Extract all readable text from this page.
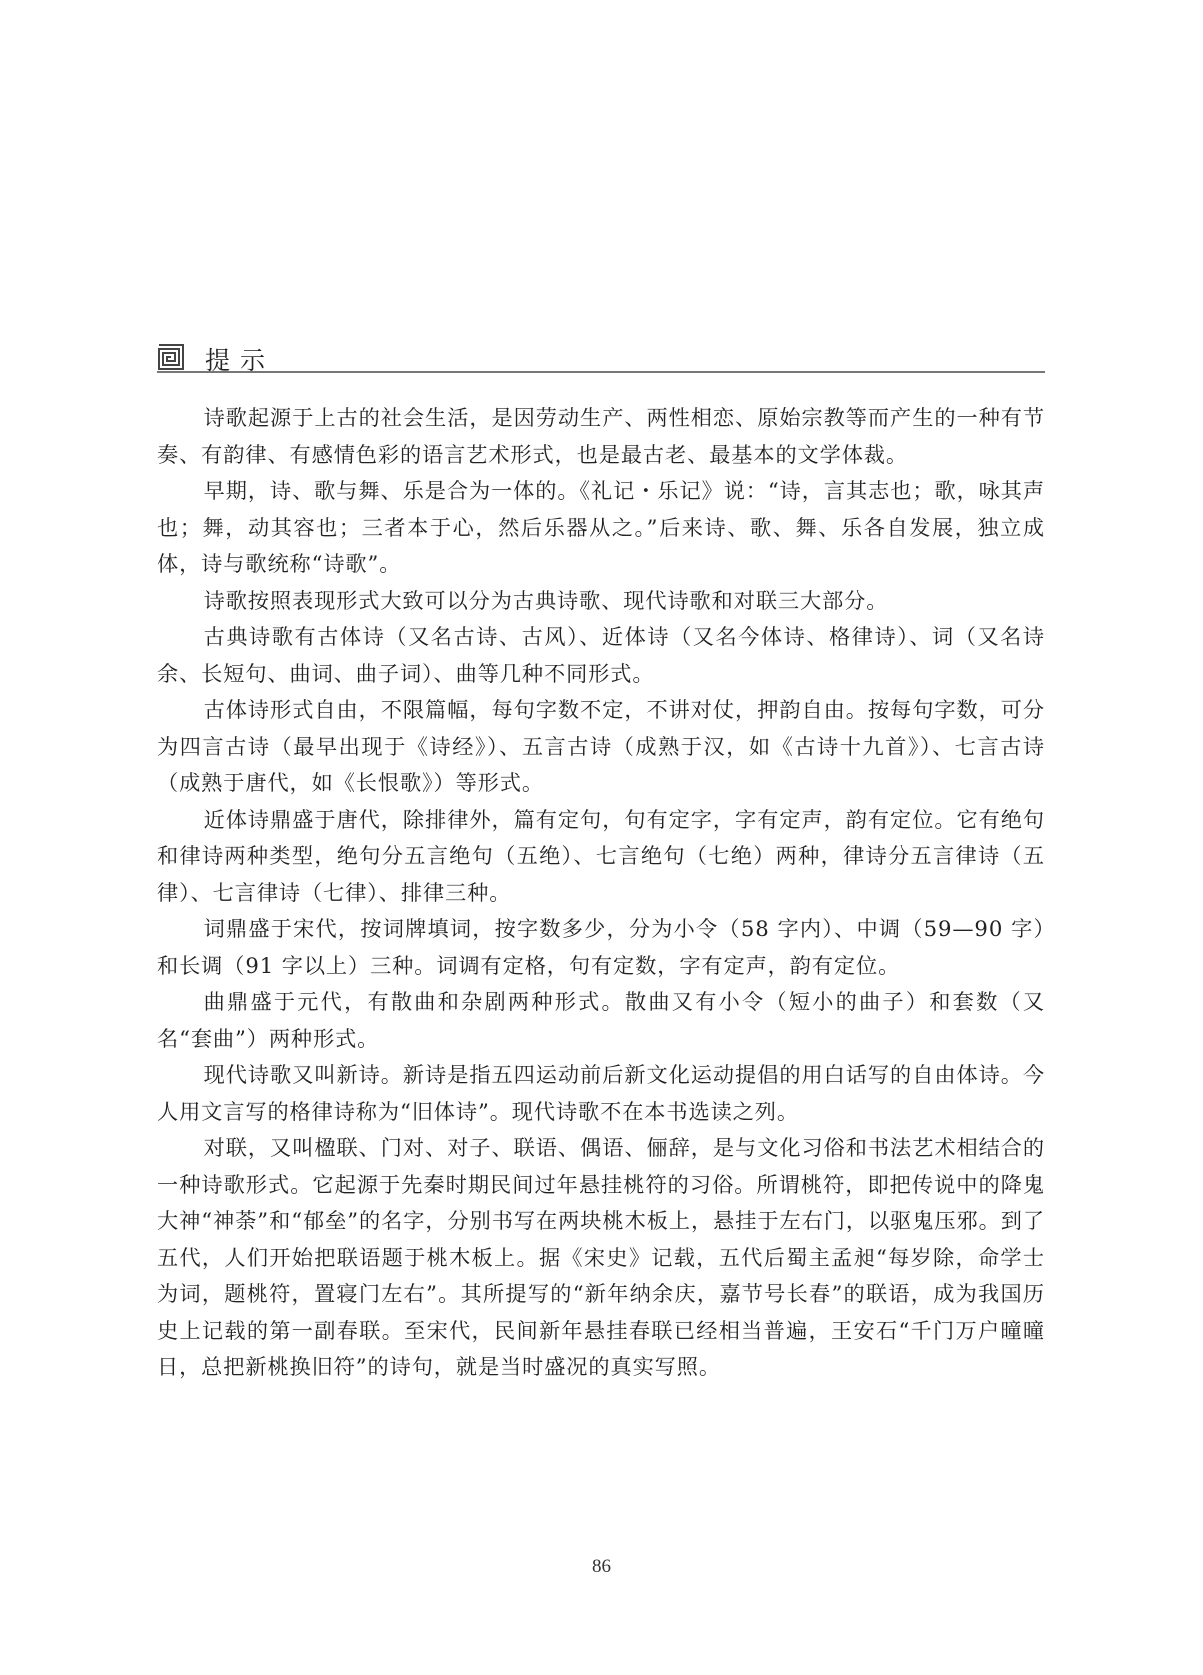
提示

诗歌起源于上古的社会生活，是因劳动生产、两性相恋、原始宗教等而产生的一种有节奏、有韵律、有感情色彩的语言艺术形式，也是最古老、最基本的文学体裁。

早期，诗、歌与舞、乐是合为一体的。《礼记・乐记》说：“诗，言其志也；歌，咏其声也；舞，动其容也；三者本于心，然后乐器从之。”后来诗、歌、舞、乐各自发展，独立成体，诗与歌统称“诗歌”。

诗歌按照表现形式大致可以分为古典诗歌、现代诗歌和对联三大部分。

古典诗歌有古体诗（又名古诗、古风）、近体诗（又名今体诗、格律诗）、词（又名诗余、长短句、曲词、曲子词）、曲等几种不同形式。

古体诗形式自由，不限篇幅，每句字数不定，不讲对仗，押韵自由。按每句字数，可分为四言古诗（最早出现于《诗经》）、五言古诗（成熟于汉，如《古诗十九首》）、七言古诗（成熟于唐代，如《长恨歌》）等形式。

近体诗鼎盛于唐代，除排律外，篇有定句，句有定字，字有定声，韵有定位。它有绝句和律诗两种类型，绝句分五言绝句（五绝）、七言绝句（七绝）两种，律诗分五言律诗（五律）、七言律诗（七律）、排律三种。

词鼎盛于宋代，按词牌填词，按字数多少，分为小令（58 字内）、中调（59—90 字）和长调（91 字以上）三种。词调有定格，句有定数，字有定声，韵有定位。

曲鼎盛于元代，有散曲和杂剧两种形式。散曲又有小令（短小的曲子）和套数（又名“套曲”）两种形式。

现代诗歌又叫新诗。新诗是指五四运动前后新文化运动提倡的用白话写的自由体诗。今人用文言写的格律诗称为“旧体诗”。现代诗歌不在本书选读之列。

对联，又叫楹联、门对、对子、联语、偶语、俪辞，是与文化习俗和书法艺术相结合的一种诗歌形式。它起源于先秦时期民间过年悬挂桃符的习俗。所谓桃符，即把传说中的降鬼大神“神荼”和“郁垒”的名字，分别书写在两块桃木板上，悬挂于左右门，以驱鬼压邪。到了五代，人们开始把联语题于桃木板上。据《宋史》记载，五代后蜀主孟昶“每岁除，命学士为词，题桃符，置寝门左右”。其所提写的“新年纳余庆，嘉节号长春”的联语，成为我国历史上记载的第一副春联。至宋代，民间新年悬挂春联已经相当普遍，王安石“千门万户曈曈日，总把新桃换旧符”的诗句，就是当时盛况的真实写照。

86
